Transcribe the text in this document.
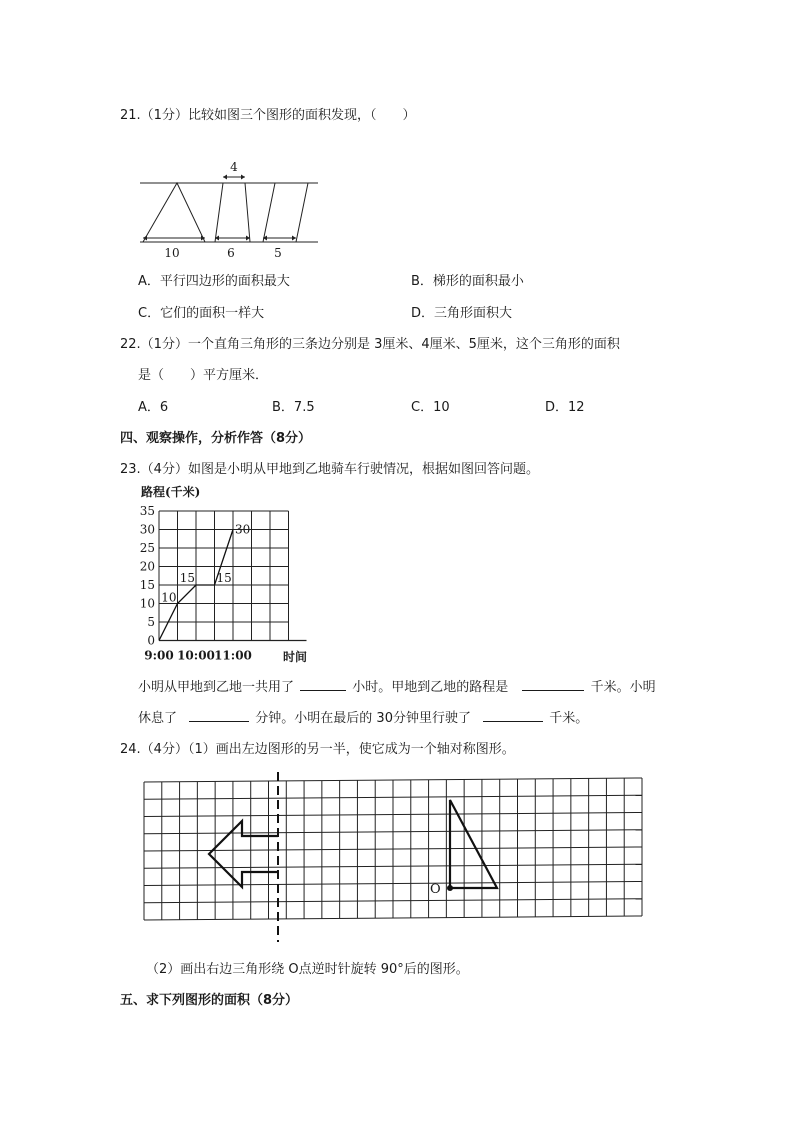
21.（1分）比较如图三个图形的面积发现，（　　）
4
10	6	5
A．平行四边形的面积最大	B．梯形的面积最小
C．它们的面积一样大	D．三角形面积大
22.（1分）一个直角三角形的三条边分别是 3厘米、4厘米、5厘米，这个三角形的面积
是（　　）平方厘米．
A．6	B．7.5	C．10	D．12
四、观察操作，分析作答（8分）
23.（4分）如图是小明从甲地到乙地骑车行驶情况，根据如图回答问题。
路程(千米)
35
30
25
20
15
10
5
0
9:00 10:00 11:00
10
15 15
30
时间
小明从甲地到乙地一共用了	小时。甲地到乙地的路程是	千米。小明
休息了	分钟。小明在最后的 30分钟里行驶了	千米。
24.（4分）（1）画出左边图形的另一半，使它成为一个轴对称图形。
O
（2）画出右边三角形绕 O点逆时针旋转 90°后的图形。
五、求下列图形的面积（8分）
